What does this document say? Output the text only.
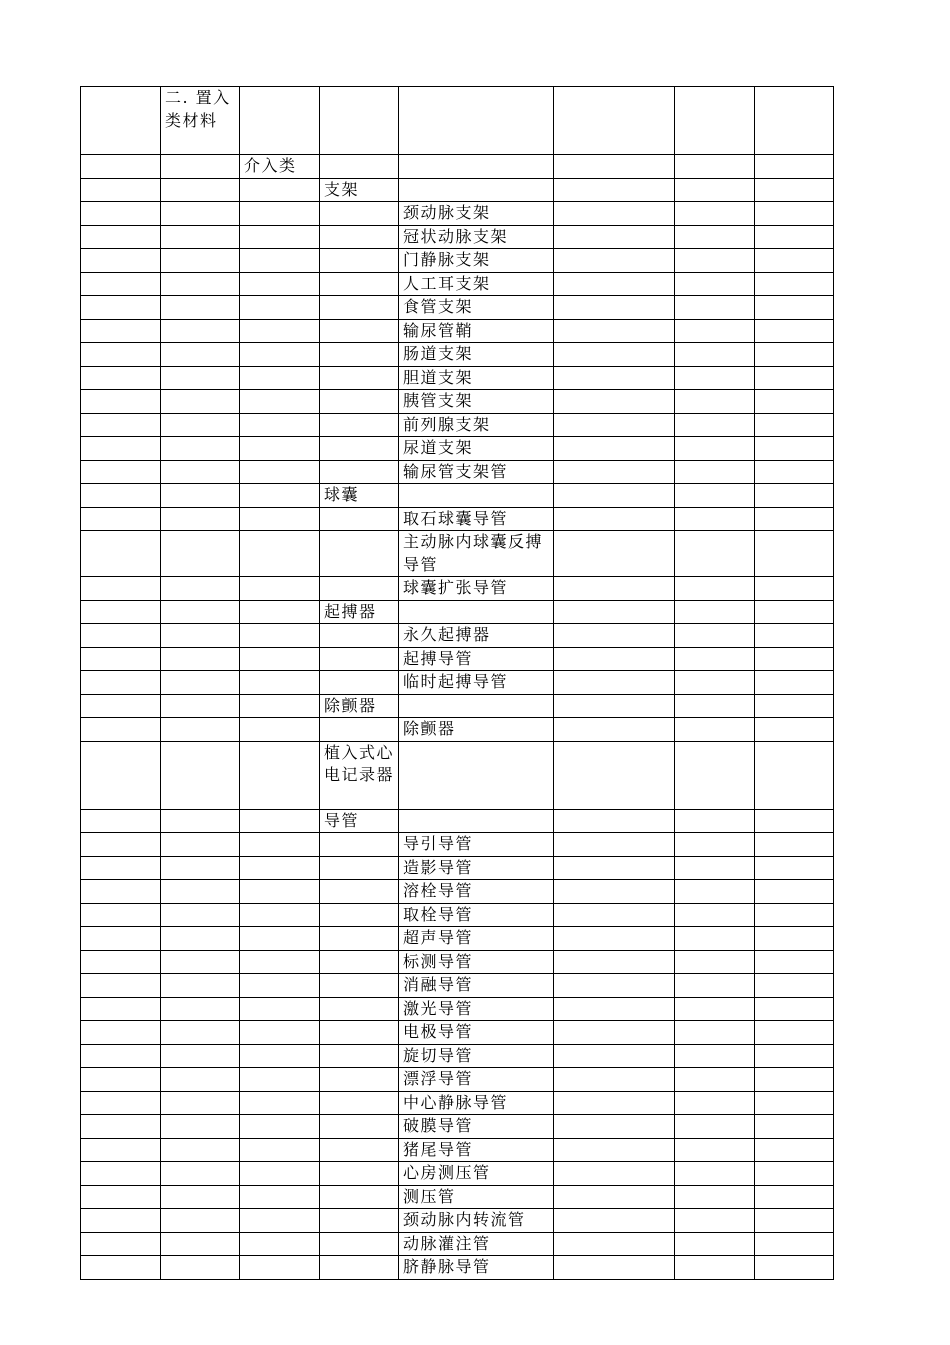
	二. 置入类材料						
		介入类					
			支架				
				颈动脉支架			
				冠状动脉支架			
				门静脉支架			
				人工耳支架			
				食管支架			
				输尿管鞘			
				肠道支架			
				胆道支架			
				胰管支架			
				前列腺支架			
				尿道支架			
				输尿管支架管			
			球囊				
				取石球囊导管			
				主动脉内球囊反搏导管			
				球囊扩张导管			
			起搏器				
				永久起搏器			
				起搏导管			
				临时起搏导管			
			除颤器				
				除颤器			
			植入式心电记录器				
			导管				
				导引导管			
				造影导管			
				溶栓导管			
				取栓导管			
				超声导管			
				标测导管			
				消融导管			
				激光导管			
				电极导管			
				旋切导管			
				漂浮导管			
				中心静脉导管			
				破膜导管			
				猪尾导管			
				心房测压管			
				测压管			
				颈动脉内转流管			
				动脉灌注管			
				脐静脉导管			
